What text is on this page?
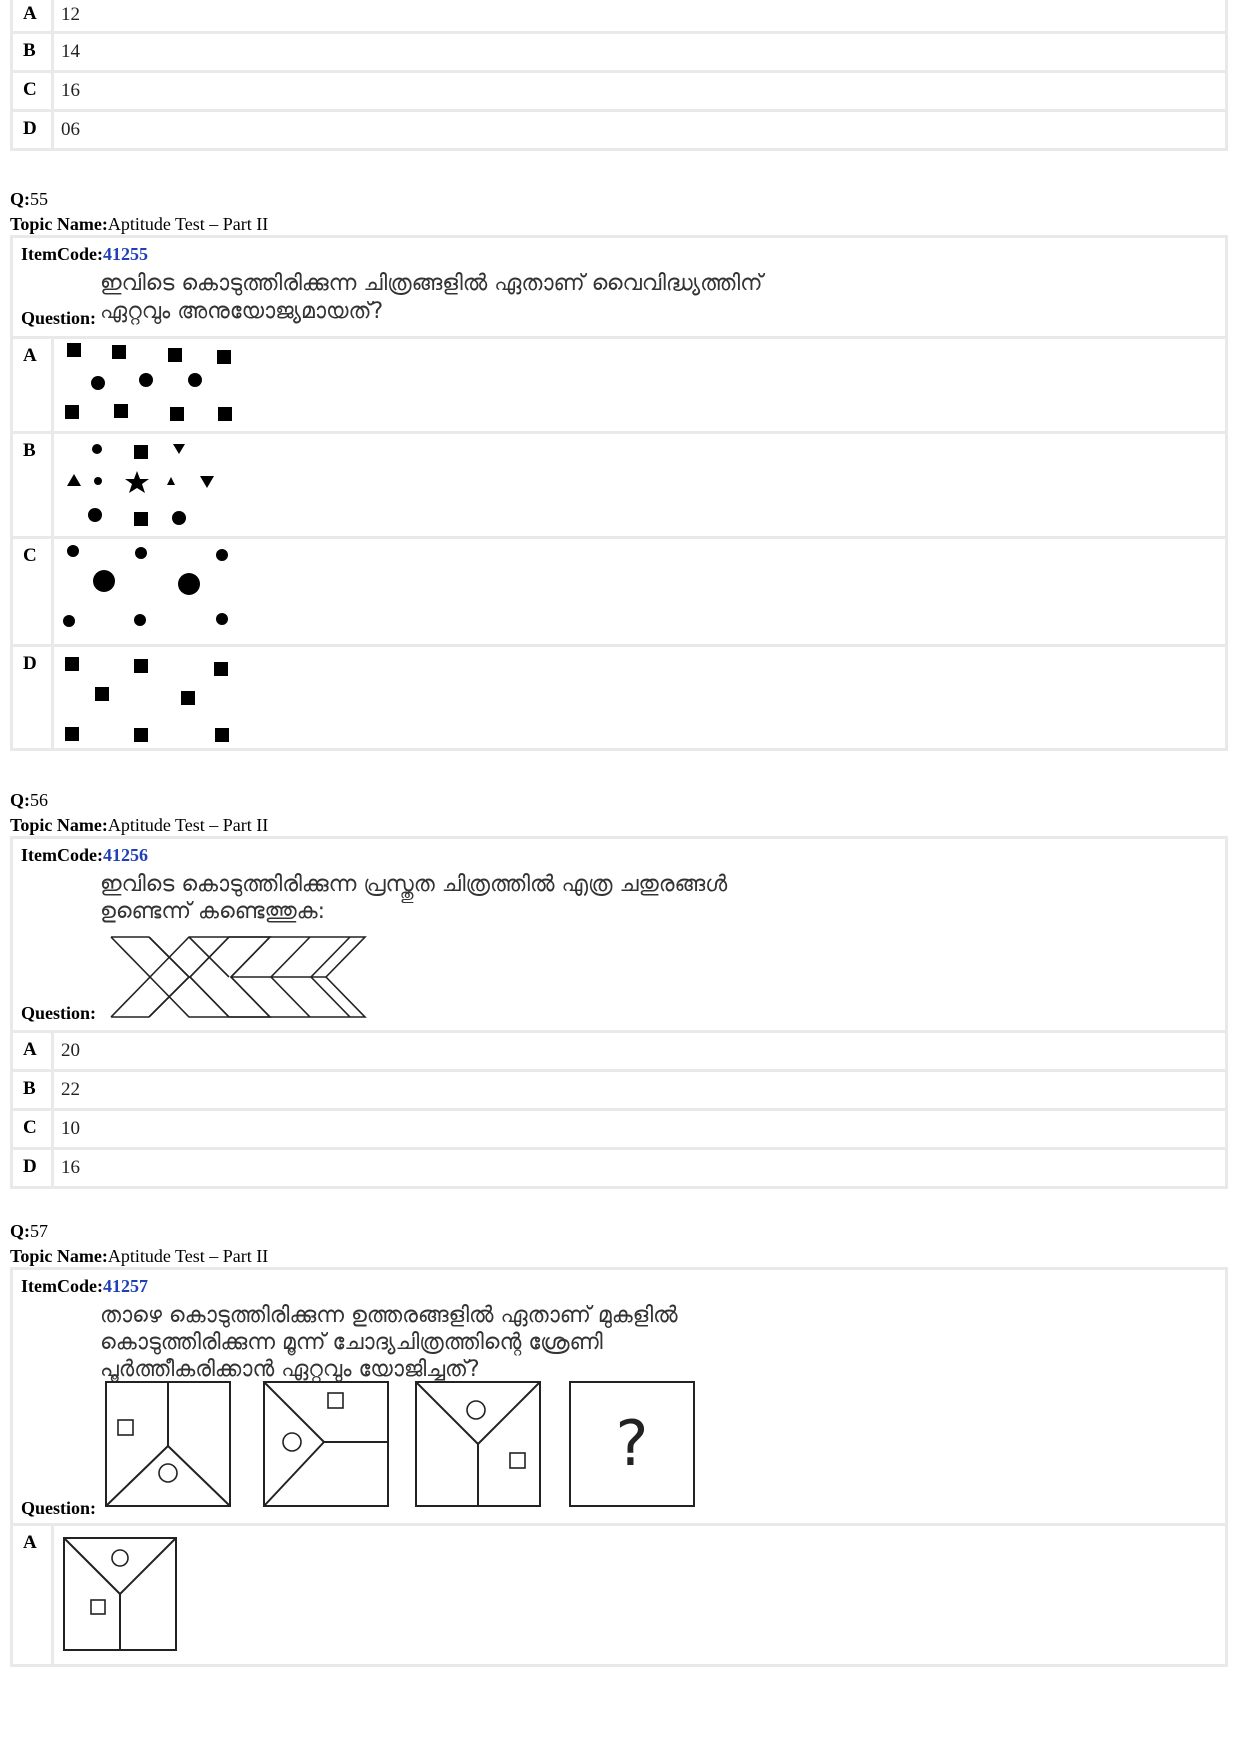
A	12
B	14
C	16
D	06
Q:55
Topic Name:Aptitude Test – Part II
ItemCode:41255
ഇവിടെ കൊടുത്തിരിക്കുന്ന ചിത്രങ്ങളിൽ ഏതാണ് വൈവിദ്ധ്യത്തിന്
ഏറ്റവും അനുയോജ്യമായത്?
Question:
A
B
C
D
Q:56
Topic Name:Aptitude Test – Part II
ItemCode:41256
ഇവിടെ കൊടുത്തിരിക്കുന്ന പ്രസ്തുത ചിത്രത്തിൽ എത്ര ചതുരങ്ങൾ
ഉണ്ടെന്ന് കണ്ടെത്തുക:
Question:
A	20
B	22
C	10
D	16
Q:57
Topic Name:Aptitude Test – Part II
ItemCode:41257
താഴെ കൊടുത്തിരിക്കുന്ന ഉത്തരങ്ങളിൽ ഏതാണ് മുകളിൽ
കൊടുത്തിരിക്കുന്ന മൂന്ന് ചോദ്യചിത്രത്തിന്റെ ശ്രേണി
പൂർത്തീകരിക്കാൻ ഏറ്റവും യോജിച്ചത്?
?
Question:
A
